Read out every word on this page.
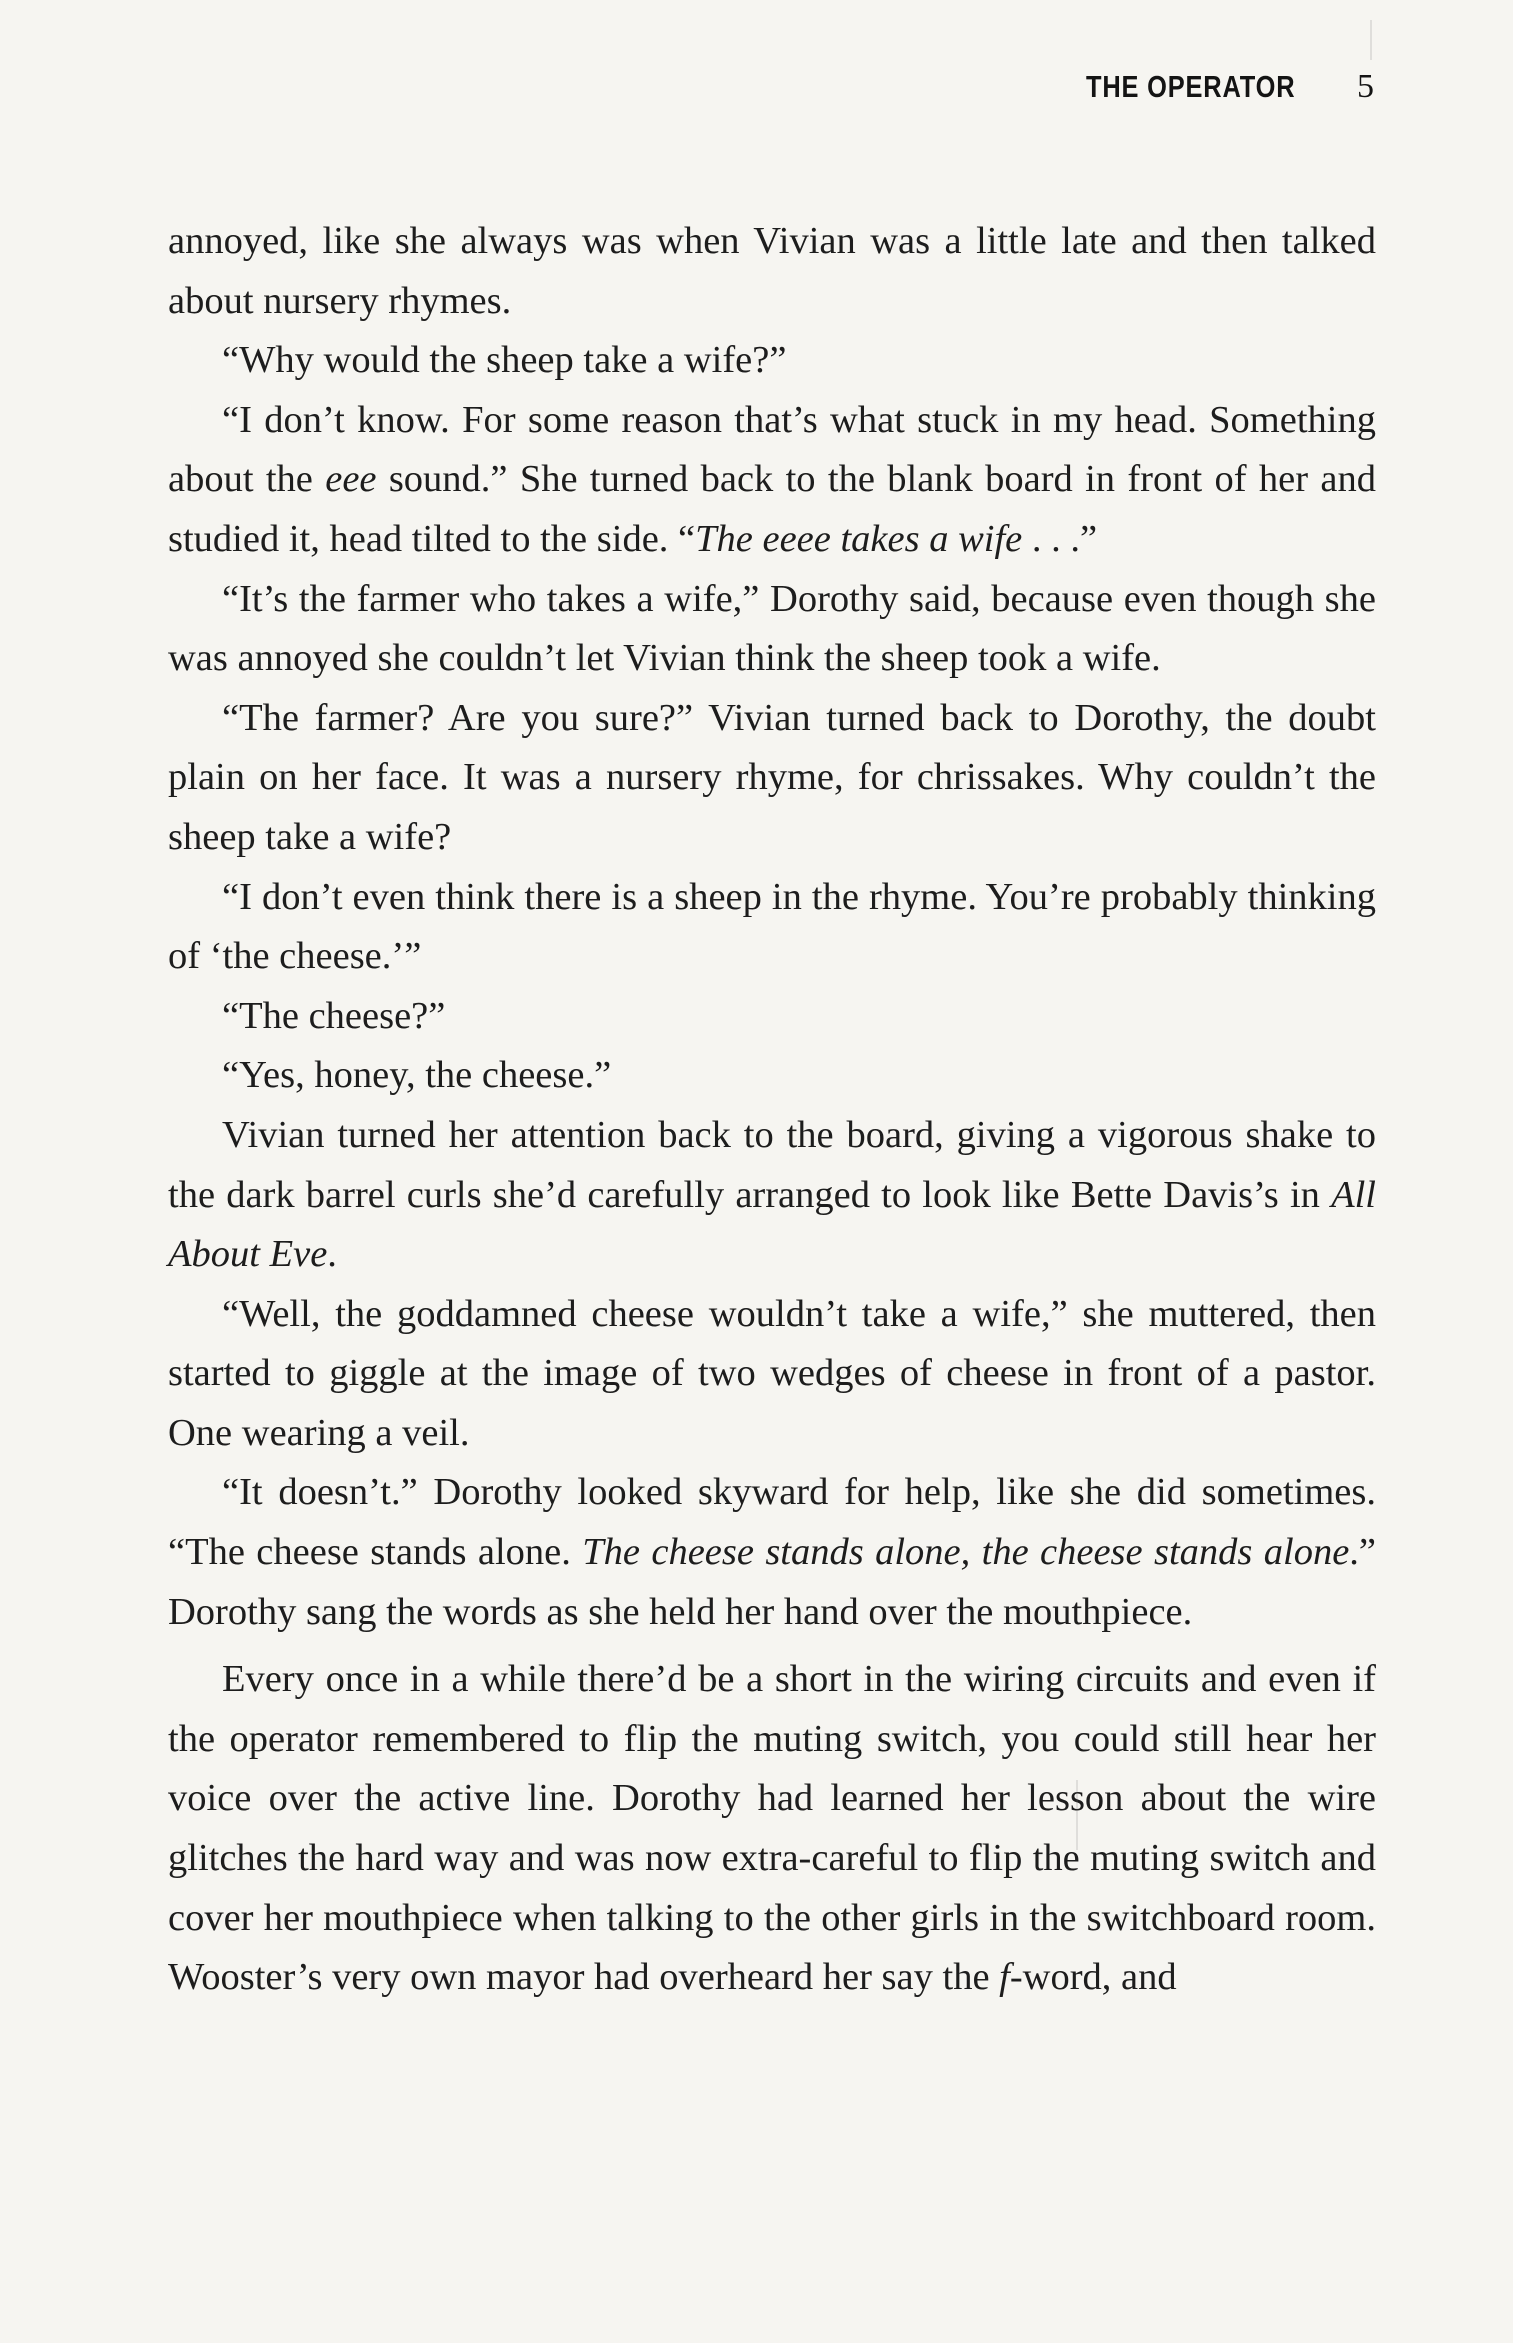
THE OPERATOR 5

annoyed, like she always was when Vivian was a little late and then talked about nursery rhymes.

“Why would the sheep take a wife?”

“I don’t know. For some reason that’s what stuck in my head. Something about the eee sound.” She turned back to the blank board in front of her and studied it, head tilted to the side. “The eeee takes a wife . . .”

“It’s the farmer who takes a wife,” Dorothy said, because even though she was annoyed she couldn’t let Vivian think the sheep took a wife.

“The farmer? Are you sure?” Vivian turned back to Dorothy, the doubt plain on her face. It was a nursery rhyme, for chrissakes. Why couldn’t the sheep take a wife?

“I don’t even think there is a sheep in the rhyme. You’re probably thinking of ‘the cheese.’”

“The cheese?”

“Yes, honey, the cheese.”

Vivian turned her attention back to the board, giving a vigorous shake to the dark barrel curls she’d carefully arranged to look like Bette Davis’s in All About Eve.

“Well, the goddamned cheese wouldn’t take a wife,” she muttered, then started to giggle at the image of two wedges of cheese in front of a pastor. One wearing a veil.

“It doesn’t.” Dorothy looked skyward for help, like she did sometimes. “The cheese stands alone. The cheese stands alone, the cheese stands alone.” Dorothy sang the words as she held her hand over the mouthpiece.

Every once in a while there’d be a short in the wiring circuits and even if the operator remembered to flip the muting switch, you could still hear her voice over the active line. Dorothy had learned her lesson about the wire glitches the hard way and was now extra-careful to flip the muting switch and cover her mouthpiece when talking to the other girls in the switchboard room. Wooster’s very own mayor had overheard her say the f-word, and
